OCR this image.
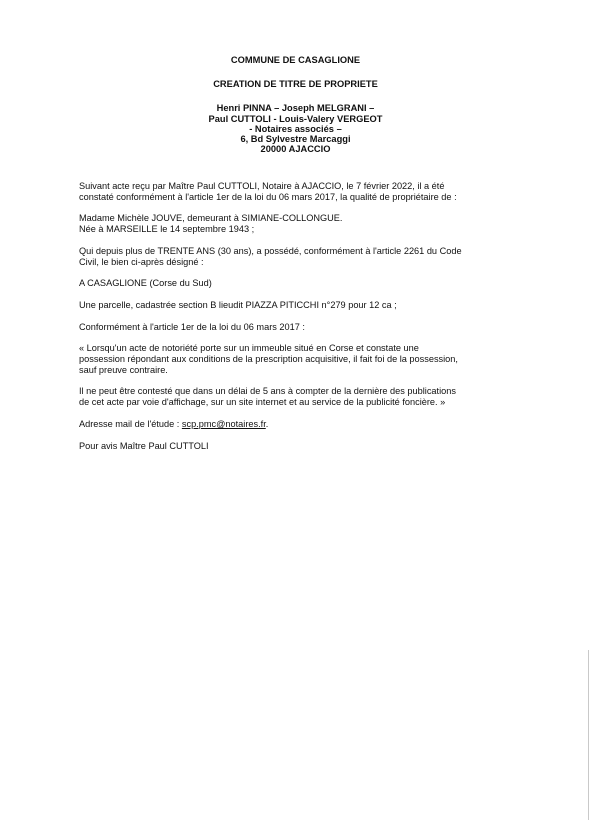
COMMUNE DE CASAGLIONE
CREATION DE TITRE DE PROPRIETE
Henri PINNA – Joseph MELGRANI –
Paul CUTTOLI - Louis-Valery VERGEOT
- Notaires associés –
6, Bd Sylvestre Marcaggi
20000 AJACCIO

Suivant acte reçu par Maître Paul CUTTOLI, Notaire à AJACCIO, le 7 février 2022, il a été
constaté conformément à l'article 1er de la loi du 06 mars 2017, la qualité de propriétaire de :

Madame Michèle JOUVE, demeurant à SIMIANE-COLLONGUE.
Née à MARSEILLE le 14 septembre 1943 ;

Qui depuis plus de TRENTE ANS (30 ans), a possédé, conformément à l'article 2261 du Code
Civil, le bien ci-après désigné :

A CASAGLIONE (Corse du Sud)

Une parcelle, cadastrée section B lieudit PIAZZA PITICCHI n°279 pour 12 ca ;

Conformément à l'article 1er de la loi du 06 mars 2017 :

« Lorsqu'un acte de notoriété porte sur un immeuble situé en Corse et constate une
possession répondant aux conditions de la prescription acquisitive, il fait foi de la possession,
sauf preuve contraire.

Il ne peut être contesté que dans un délai de 5 ans à compter de la dernière des publications
de cet acte par voie d'affichage, sur un site internet et au service de la publicité foncière. »

Adresse mail de l'étude : scp.pmc@notaires.fr.

Pour avis Maître Paul CUTTOLI
